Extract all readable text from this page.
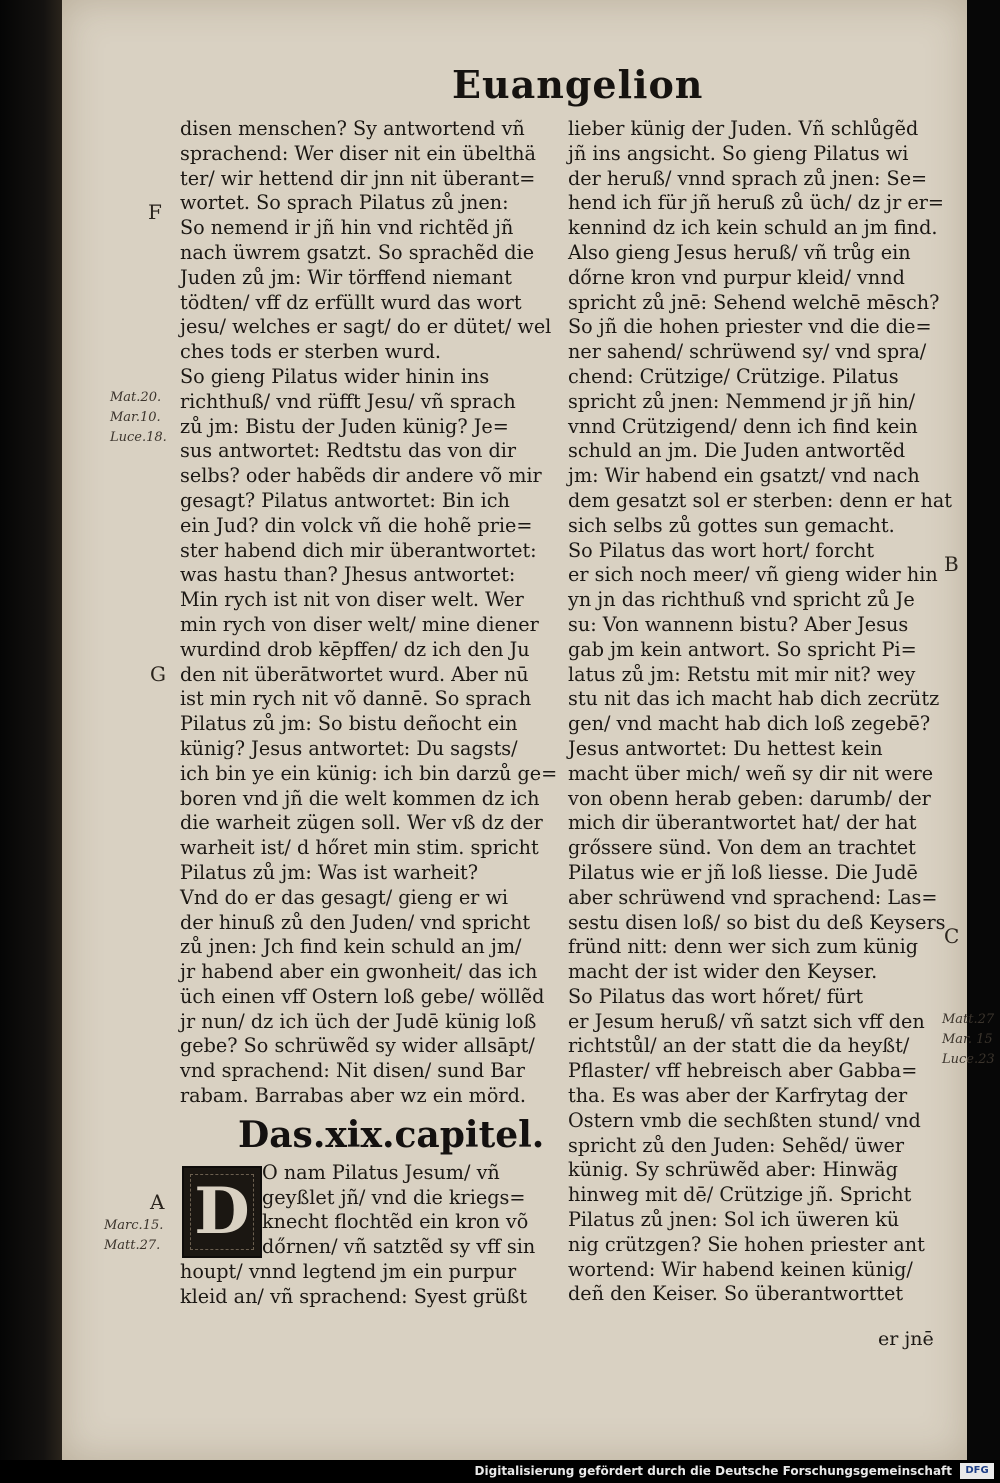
Euangelion
disen menschen? Sy antwortend vñ
sprachend: Wer diser nit ein übelthä
ter/ wir hettend dir jnn nit überant=
wortet. So sprach Pilatus zů jnen:
So nemend ir jñ hin vnd richtẽd jñ
nach üwrem gsatzt. So sprachẽd die
Juden zů jm: Wir törffend niemant
tödten/ vff dz erfüllt wurd das wort
jesu/ welches er sagt/ do er dütet/ wel
ches tods er sterben wurd.
So gieng Pilatus wider hinin ins
richthuß/ vnd rüfft Jesu/ vñ sprach
zů jm: Bistu der Juden künig? Je=
sus antwortet: Redtstu das von dir
selbs? oder habẽds dir andere võ mir
gesagt? Pilatus antwortet: Bin ich
ein Jud? din volck vñ die hohẽ prie=
ster habend dich mir überantwortet:
was hastu than? Jhesus antwortet:
Min rych ist nit von diser welt. Wer
min rych von diser welt/ mine diener
wurdind drob kēpffen/ dz ich den Ju
den nit überātwortet wurd. Aber nū
ist min rych nit võ dannē. So sprach
Pilatus zů jm: So bistu deñocht ein
künig? Jesus antwortet: Du sagsts/
ich bin ye ein künig: ich bin darzů ge=
boren vnd jñ die welt kommen dz ich
die warheit zügen soll. Wer vß dz der
warheit ist/ d hőret min stim. spricht
Pilatus zů jm: Was ist warheit?
Vnd do er das gesagt/ gieng er wi
der hinuß zů den Juden/ vnd spricht
zů jnen: Jch find kein schuld an jm/
jr habend aber ein gwonheit/ das ich
üch einen vff Ostern loß gebe/ wöllẽd
jr nun/ dz ich üch der Judē künig loß
gebe? So schrüwẽd sy wider allsāpt/
vnd sprachend: Nit disen/ sund Bar
rabam. Barrabas aber wz ein mörd.
Das.xix.capitel.
O nam Pilatus Jesum/ vñ
geyßlet jñ/ vnd die kriegs=
knecht flochtẽd ein kron võ
dőrnen/ vñ satztẽd sy vff sin
houpt/ vnnd legtend jm ein purpur
kleid an/ vñ sprachend: Syest grüßt
lieber künig der Juden. Vñ schlůgẽd
jñ ins angsicht. So gieng Pilatus wi
der heruß/ vnnd sprach zů jnen: Se=
hend ich für jñ heruß zů üch/ dz jr er=
kennind dz ich kein schuld an jm find.
Also gieng Jesus heruß/ vñ trůg ein
dőrne kron vnd purpur kleid/ vnnd
spricht zů jnē: Sehend welchē mēsch?
So jñ die hohen priester vnd die die=
ner sahend/ schrüwend sy/ vnd spra/
chend: Crützige/ Crützige. Pilatus
spricht zů jnen: Nemmend jr jñ hin/
vnnd Crützigend/ denn ich find kein
schuld an jm. Die Juden antwortẽd
jm: Wir habend ein gsatzt/ vnd nach
dem gesatzt sol er sterben: denn er hat
sich selbs zů gottes sun gemacht.
So Pilatus das wort hort/ forcht
er sich noch meer/ vñ gieng wider hin
yn jn das richthuß vnd spricht zů Je
su: Von wannenn bistu? Aber Jesus
gab jm kein antwort. So spricht Pi=
latus zů jm: Retstu mit mir nit? wey
stu nit das ich macht hab dich zecrütz
gen/ vnd macht hab dich loß zegebē?
Jesus antwortet: Du hettest kein
macht über mich/ weñ sy dir nit were
von obenn herab geben: darumb/ der
mich dir überantwortet hat/ der hat
grőssere sünd. Von dem an trachtet
Pilatus wie er jñ loß liesse. Die Judē
aber schrüwend vnd sprachend: Las=
sestu disen loß/ so bist du deß Keysers
fründ nitt: denn wer sich zum künig
macht der ist wider den Keyser.
So Pilatus das wort hőret/ fürt
er Jesum heruß/ vñ satzt sich vff den
richtstůl/ an der statt die da heyßt/
Pflaster/ vff hebreisch aber Gabba=
tha. Es was aber der Karfrytag der
Ostern vmb die sechßten stund/ vnd
spricht zů den Juden: Sehẽd/ üwer
künig. Sy schrüwẽd aber: Hinwäg
hinweg mit dē/ Crützige jñ. Spricht
Pilatus zů jnen: Sol ich üweren kü
nig crützgen? Sie hohen priester ant
wortend: Wir habend keinen künig/
deñ den Keiser. So überantworttet
D
F
G
A
Mat.20.
Mar.10.
Luce.18.
Marc.15.
Matt.27.
B
C
Matt.27
Mar. 15
Luce.23
er jnē
Digitalisierung gefördert durch die Deutsche Forschungsgemeinschaft	DFG
